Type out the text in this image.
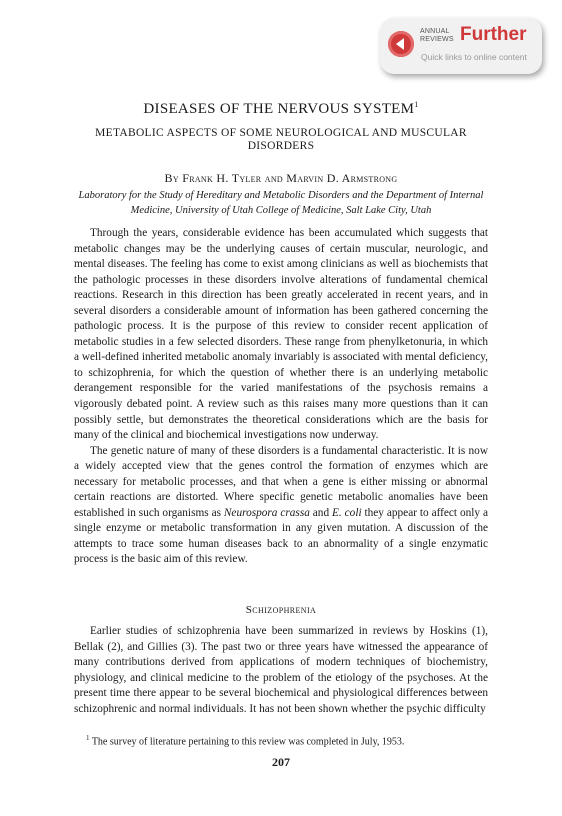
ANNUAL
REVIEWS Further
Quick links to online content
DISEASES OF THE NERVOUS SYSTEM$^1$
METABOLIC ASPECTS OF SOME NEUROLOGICAL AND MUSCULAR DISORDERS
By Frank H. Tyler and Marvin D. Armstrong
Laboratory for the Study of Hereditary and Metabolic Disorders and the Department of Internal Medicine, University of Utah College of Medicine, Salt Lake City, Utah

Through the years, considerable evidence has been accumulated which suggests that metabolic changes may be the underlying causes of certain muscular, neurologic, and mental diseases. The feeling has come to exist among clinicians as well as biochemists that the pathologic processes in these disorders involve alterations of fundamental chemical reactions. Research in this direction has been greatly accelerated in recent years, and in several disorders a considerable amount of information has been gathered concerning the pathologic process. It is the purpose of this review to consider recent application of metabolic studies in a few selected disorders. These range from phenylketonuria, in which a well-defined inherited metabolic anomaly invariably is associated with mental deficiency, to schizophrenia, for which the question of whether there is an underlying metabolic derangement responsible for the varied manifestations of the psychosis remains a vigorously debated point. A review such as this raises many more questions than it can possibly settle, but demonstrates the theoretical considerations which are the basis for many of the clinical and biochemical investigations now underway.

The genetic nature of many of these disorders is a fundamental characteristic. It is now a widely accepted view that the genes control the formation of enzymes which are necessary for metabolic processes, and that when a gene is either missing or abnormal certain reactions are distorted. Where specific genetic metabolic anomalies have been established in such organisms as Neurospora crassa and E. coli they appear to affect only a single enzyme or metabolic transformation in any given mutation. A discussion of the attempts to trace some human diseases back to an abnormality of a single enzymatic process is the basic aim of this review.

Schizophrenia

Earlier studies of schizophrenia have been summarized in reviews by Hoskins (1), Bellak (2), and Gillies (3). The past two or three years have witnessed the appearance of many contributions derived from applications of modern techniques of biochemistry, physiology, and clinical medicine to the problem of the etiology of the psychoses. At the present time there appear to be several biochemical and physiological differences between schizophrenic and normal individuals. It has not been shown whether the psychic difficulty

$^1$ The survey of literature pertaining to this review was completed in July, 1953.
207
